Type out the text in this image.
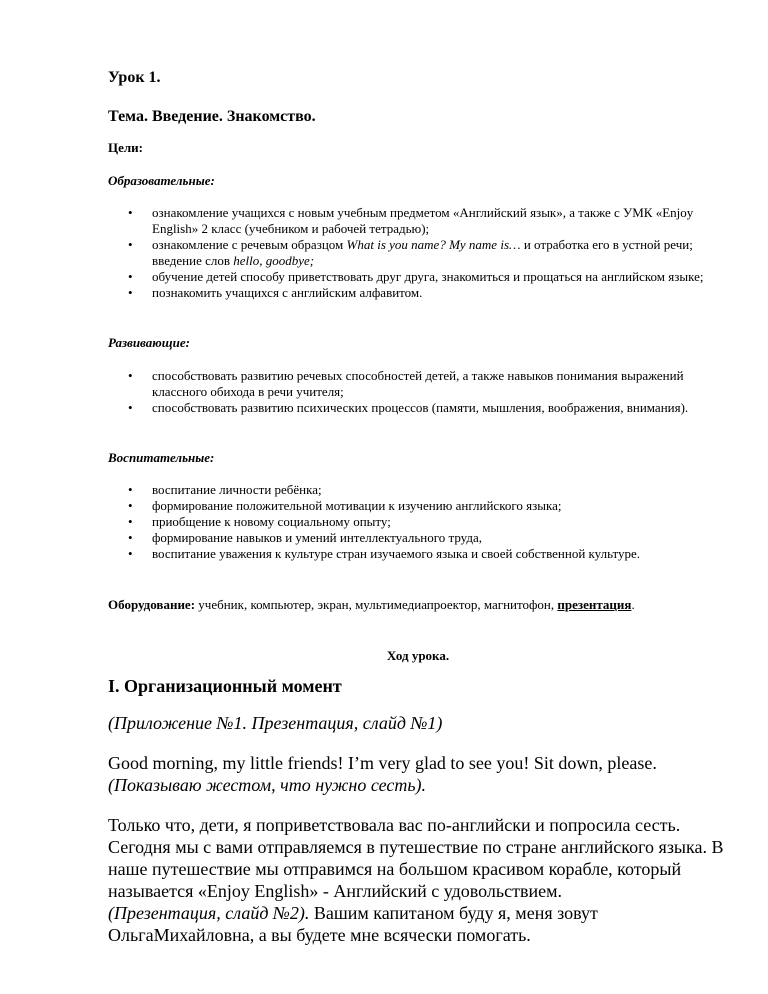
Урок 1.

Тема. Введение. Знакомство.

Цели:

Образовательные:

• ознакомление учащихся с новым учебным предметом «Английский язык», а также с УМК «Enjoy English» 2 класс (учебником и рабочей тетрадью);
• ознакомление с речевым образцом What is you name? My name is… и отработка его в устной речи; введение слов hello, goodbye;
• обучение детей способу приветствовать друг друга, знакомиться и прощаться на английском языке;
• познакомить учащихся с английским алфавитом.

Развивающие:

• способствовать развитию речевых способностей детей, а также навыков понимания выражений классного обихода в речи учителя;
• способствовать развитию психических процессов (памяти, мышления, воображения, внимания).

Воспитательные:

• воспитание личности ребёнка;
• формирование положительной мотивации к изучению английского языка;
• приобщение к новому социальному опыту;
• формирование навыков и умений интеллектуального труда,
• воспитание уважения к культуре стран изучаемого языка и своей собственной культуре.

Оборудование: учебник, компьютер, экран, мультимедиапроектор, магнитофон, презентация.

Ход урока.

I. Организационный момент

(Приложение №1. Презентация, слайд №1)

Good morning, my little friends! I’m very glad to see you! Sit down, please.
(Показываю жестом, что нужно сесть).

Только что, дети, я поприветствовала вас по-английски и попросила сесть. Сегодня мы с вами отправляемся в путешествие по стране английского языка. В наше путешествие мы отправимся на большом красивом корабле, который называется «Enjoy English» - Английский с удовольствием.
(Презентация, слайд №2). Вашим капитаном буду я, меня зовут ОльгаМихайловна, а вы будете мне всячески помогать.
